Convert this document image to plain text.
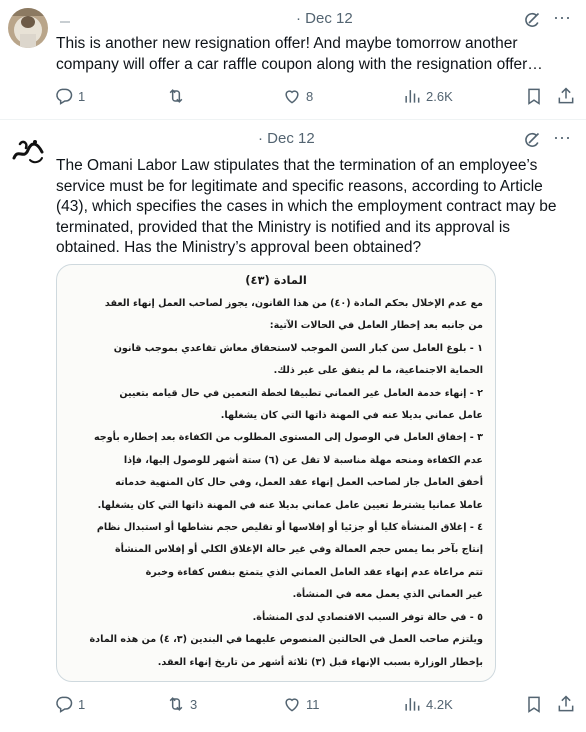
· Dec 12	···
This is another new resignation offer! And maybe tomorrow another company will offer a car raffle coupon along with the resignation offer…
1	8	2.6K
· Dec 12	···
The Omani Labor Law stipulates that the termination of an employee’s service must be for legitimate and specific reasons, according to Article (43), which specifies the cases in which the employment contract may be terminated, provided that the Ministry is notified and its approval is obtained. Has the Ministry’s approval been obtained?
المادة (٤٣)
مع عدم الإخلال بحكم المادة (٤٠) من هذا القانون، يجوز لصاحب العمل إنهاء العقد
من جانبه بعد إخطار العامل في الحالات الآتية:
١ - بلوغ العامل سن كبار السن الموجب لاستحقاق معاش تقاعدي بموجب قانون
الحماية الاجتماعية، ما لم يتفق على غير ذلك.
٢ - إنهاء خدمة العامل غير العماني تطبيقا لخطة التعمين في حال قيامه بتعيين
عامل عماني بديلا عنه في المهنة ذاتها التي كان يشغلها.
٣ - إخفاق العامل في الوصول إلى المستوى المطلوب من الكفاءة بعد إخطاره بأوجه
عدم الكفاءة ومنحه مهلة مناسبة لا تقل عن (٦) ستة أشهر للوصول إليها، فإذا
أخفق العامل جاز لصاحب العمل إنهاء عقد العمل، وفي حال كان المنهية خدماته
عاملا عمانيا يشترط تعيين عامل عماني بديلا عنه في المهنة ذاتها التي كان يشغلها.
٤ - إغلاق المنشأة كليا أو جزئيا أو إفلاسها أو تقليص حجم نشاطها أو استبدال نظام
إنتاج بآخر بما يمس حجم العمالة وفي غير حالة الإغلاق الكلي أو إفلاس المنشأة
تتم مراعاة عدم إنهاء عقد العامل العماني الذي يتمتع بنفس كفاءة وخبرة
غير العماني الذي يعمل معه في المنشأة.
٥ - في حالة توفر السبب الاقتصادي لدى المنشأة.
ويلتزم صاحب العمل في الحالتين المنصوص عليهما في البندين (٣، ٤) من هذه المادة
بإخطار الوزارة بسبب الإنهاء قبل (٣) ثلاثة أشهر من تاريخ إنهاء العقد.
1	3	11	4.2K
